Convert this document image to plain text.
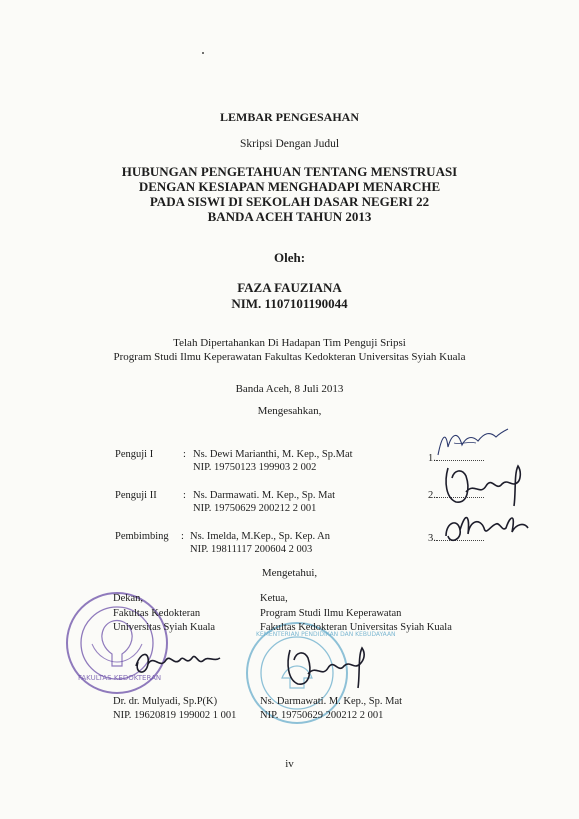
LEMBAR PENGESAHAN
Skripsi Dengan Judul
HUBUNGAN PENGETAHUAN TENTANG MENSTRUASI
DENGAN KESIAPAN MENGHADAPI MENARCHE
PADA SISWI DI SEKOLAH DASAR NEGERI 22
BANDA ACEH TAHUN 2013
Oleh:
FAZA FAUZIANA
NIM. 1107101190044
Telah Dipertahankan Di Hadapan Tim Penguji Sripsi
Program Studi Ilmu Keperawatan Fakultas Kedokteran Universitas Syiah Kuala
Banda Aceh, 8 Juli 2013
Mengesahkan,
Penguji I	: Ns. Dewi Marianthi, M. Kep., Sp.Mat
NIP. 19750123 199903 2 002
1.
Penguji II	: Ns. Darmawati. M. Kep., Sp. Mat
NIP. 19750629 200212 2 001
2.
Pembimbing : Ns. Imelda, M.Kep., Sp. Kep. An
NIP. 19811117 200604 2 003
3.
Mengetahui,
FAKULTAS KEDOKTERAN
KEMENTERIAN PENDIDIKAN DAN KEBUDAYAAN
Dekan,
Fakultas Kedokteran
Universitas Syiah Kuala
Dr. dr. Mulyadi, Sp.P(K)
NIP. 19620819 199002 1 001
Ketua,
Program Studi Ilmu Keperawatan
Fakultas Kedokteran Universitas Syiah Kuala
Ns. Darmawati. M. Kep., Sp. Mat
NIP. 19750629 200212 2 001
iv
